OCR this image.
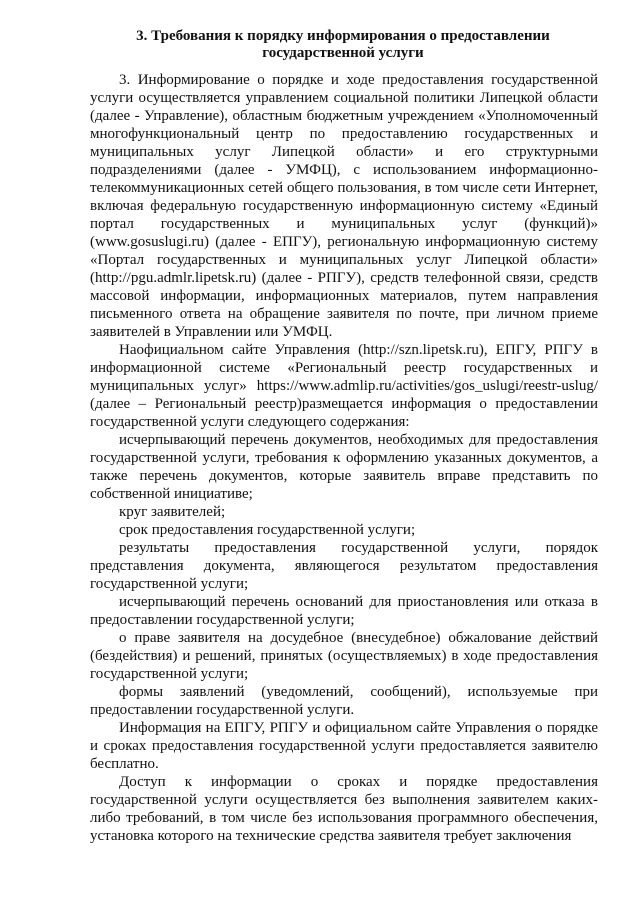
3. Требования к порядку информирования о предоставлении государственной услуги

3. Информирование о порядке и ходе предоставления государственной услуги осуществляется управлением социальной политики Липецкой области (далее - Управление), областным бюджетным учреждением «Уполномоченный многофункциональный центр по предоставлению государственных и муниципальных услуг Липецкой области» и его структурными подразделениями (далее - УМФЦ), с использованием информационно-телекоммуникационных сетей общего пользования, в том числе сети Интернет, включая федеральную государственную информационную систему «Единый портал государственных и муниципальных услуг (функций)» (www.gosuslugi.ru) (далее - ЕПГУ), региональную информационную систему «Портал государственных и муниципальных услуг Липецкой области» (http://pgu.admlr.lipetsk.ru) (далее - РПГУ), средств телефонной связи, средств массовой информации, информационных материалов, путем направления письменного ответа на обращение заявителя по почте, при личном приеме заявителей в Управлении или УМФЦ.

Наофициальном сайте Управления (http://szn.lipetsk.ru), ЕПГУ, РПГУ в информационной системе «Региональный реестр государственных и муниципальных услуг» https://www.admlip.ru/activities/gos_uslugi/reestr-uslug/ (далее – Региональный реестр)размещается информация о предоставлении государственной услуги следующего содержания:

исчерпывающий перечень документов, необходимых для предоставления государственной услуги, требования к оформлению указанных документов, а также перечень документов, которые заявитель вправе представить по собственной инициативе;

круг заявителей;

срок предоставления государственной услуги;

результаты предоставления государственной услуги, порядок представления документа, являющегося результатом предоставления государственной услуги;

исчерпывающий перечень оснований для приостановления или отказа в предоставлении государственной услуги;

о праве заявителя на досудебное (внесудебное) обжалование действий (бездействия) и решений, принятых (осуществляемых) в ходе предоставления государственной услуги;

формы заявлений (уведомлений, сообщений), используемые при предоставлении государственной услуги.

Информация на ЕПГУ, РПГУ и официальном сайте Управления о порядке и сроках предоставления государственной услуги предоставляется заявителю бесплатно.

Доступ к информации о сроках и порядке предоставления государственной услуги осуществляется без выполнения заявителем каких-либо требований, в том числе без использования программного обеспечения, установка которого на технические средства заявителя требует заключения
